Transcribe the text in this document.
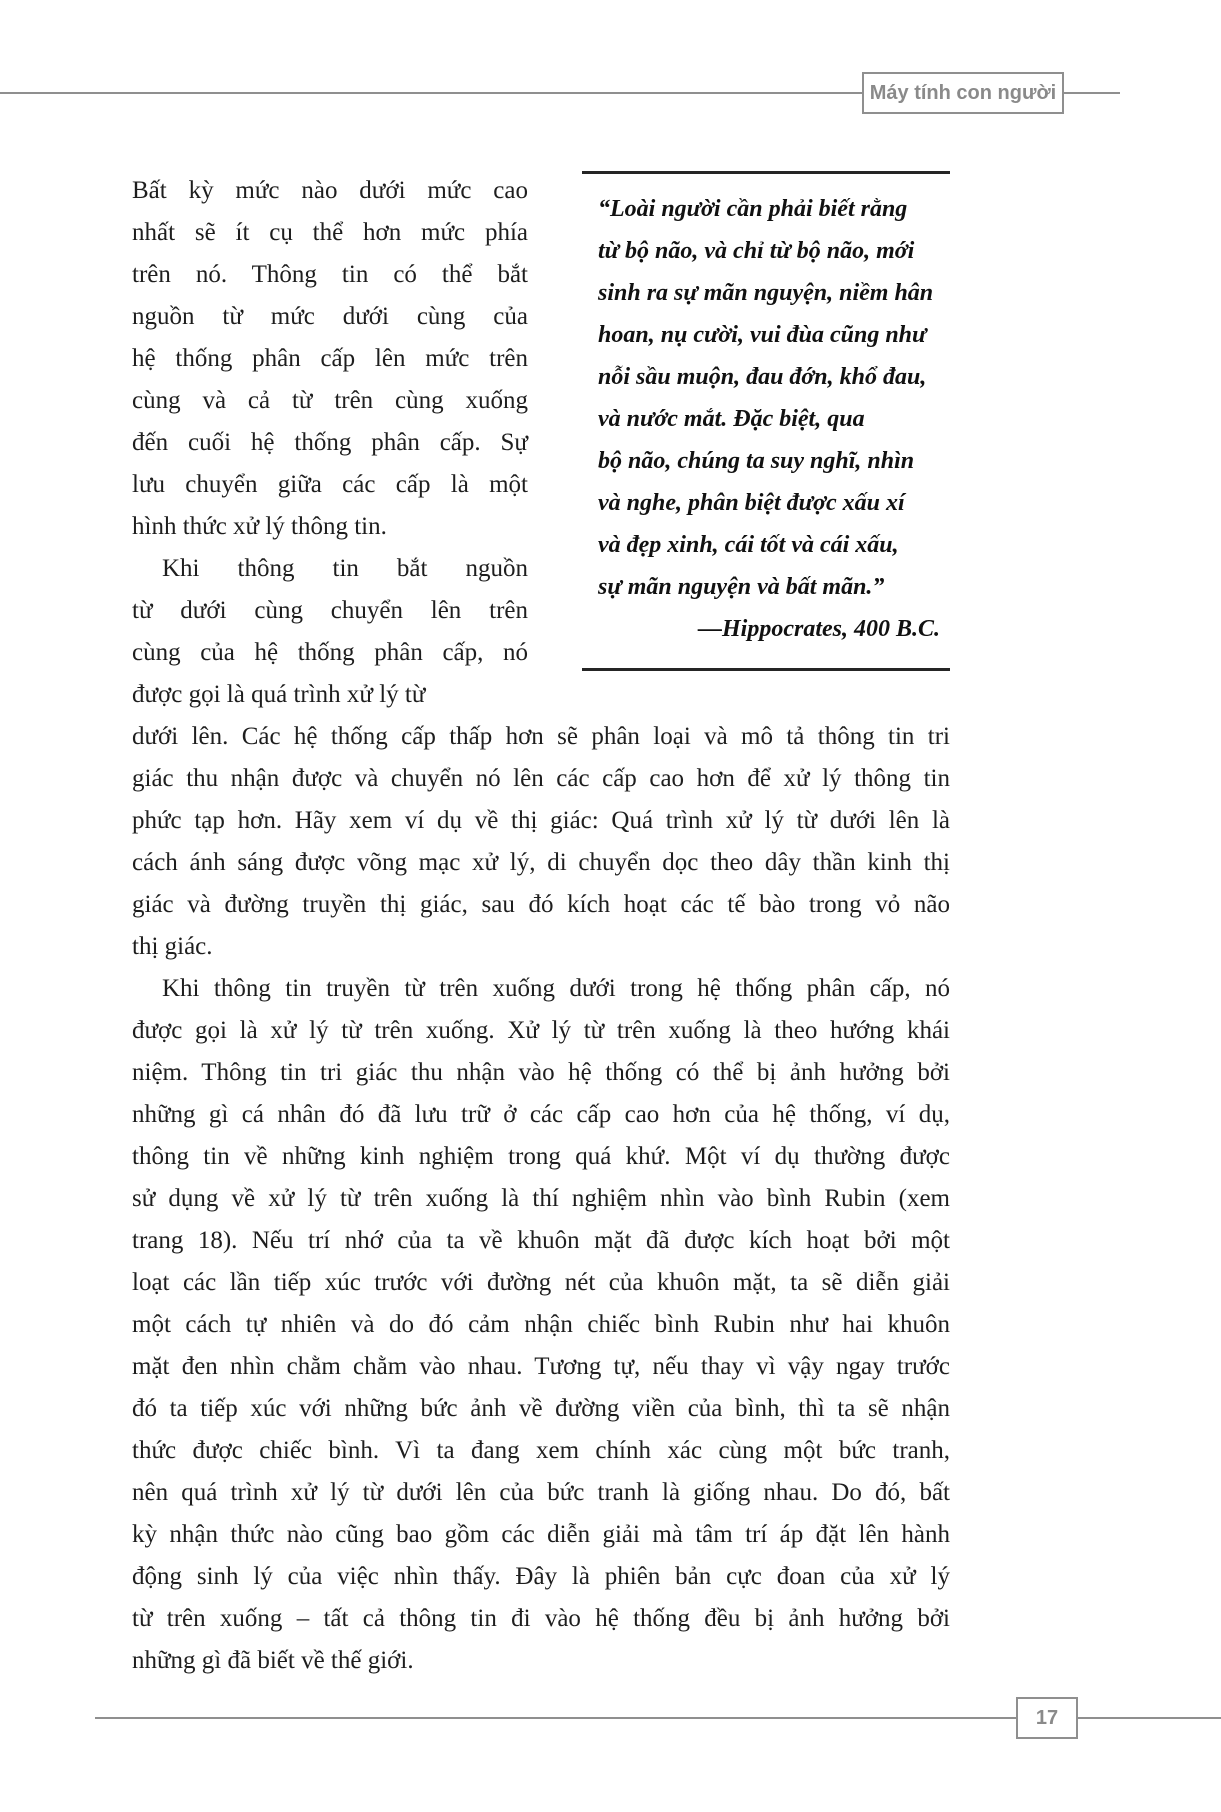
Máy tính con người
“Loài người cần phải biết rằng
từ bộ não, và chỉ từ bộ não, mới
sinh ra sự mãn nguyện, niềm hân
hoan, nụ cười, vui đùa cũng như
nỗi sầu muộn, đau đớn, khổ đau,
và nước mắt. Đặc biệt, qua
bộ não, chúng ta suy nghĩ, nhìn
và nghe, phân biệt được xấu xí
và đẹp xinh, cái tốt và cái xấu,
sự mãn nguyện và bất mãn.”
—Hippocrates, 400 B.C.
Bất kỳ mức nào dưới mức cao
nhất sẽ ít cụ thể hơn mức phía
trên nó. Thông tin có thể bắt
nguồn từ mức dưới cùng của
hệ thống phân cấp lên mức trên
cùng và cả từ trên cùng xuống
đến cuối hệ thống phân cấp. Sự
lưu chuyển giữa các cấp là một
hình thức xử lý thông tin.
Khi thông tin bắt nguồn
từ dưới cùng chuyển lên trên
cùng của hệ thống phân cấp, nó
được gọi là quá trình xử lý từ
dưới lên. Các hệ thống cấp thấp hơn sẽ phân loại và mô tả thông tin tri
giác thu nhận được và chuyển nó lên các cấp cao hơn để xử lý thông tin
phức tạp hơn. Hãy xem ví dụ về thị giác: Quá trình xử lý từ dưới lên là
cách ánh sáng được võng mạc xử lý, di chuyển dọc theo dây thần kinh thị
giác và đường truyền thị giác, sau đó kích hoạt các tế bào trong vỏ não
thị giác.
Khi thông tin truyền từ trên xuống dưới trong hệ thống phân cấp, nó
được gọi là xử lý từ trên xuống. Xử lý từ trên xuống là theo hướng khái
niệm. Thông tin tri giác thu nhận vào hệ thống có thể bị ảnh hưởng bởi
những gì cá nhân đó đã lưu trữ ở các cấp cao hơn của hệ thống, ví dụ,
thông tin về những kinh nghiệm trong quá khứ. Một ví dụ thường được
sử dụng về xử lý từ trên xuống là thí nghiệm nhìn vào bình Rubin (xem
trang 18). Nếu trí nhớ của ta về khuôn mặt đã được kích hoạt bởi một
loạt các lần tiếp xúc trước với đường nét của khuôn mặt, ta sẽ diễn giải
một cách tự nhiên và do đó cảm nhận chiếc bình Rubin như hai khuôn
mặt đen nhìn chằm chằm vào nhau. Tương tự, nếu thay vì vậy ngay trước
đó ta tiếp xúc với những bức ảnh về đường viền của bình, thì ta sẽ nhận
thức được chiếc bình. Vì ta đang xem chính xác cùng một bức tranh,
nên quá trình xử lý từ dưới lên của bức tranh là giống nhau. Do đó, bất
kỳ nhận thức nào cũng bao gồm các diễn giải mà tâm trí áp đặt lên hành
động sinh lý của việc nhìn thấy. Đây là phiên bản cực đoan của xử lý
từ trên xuống – tất cả thông tin đi vào hệ thống đều bị ảnh hưởng bởi
những gì đã biết về thế giới.
17
